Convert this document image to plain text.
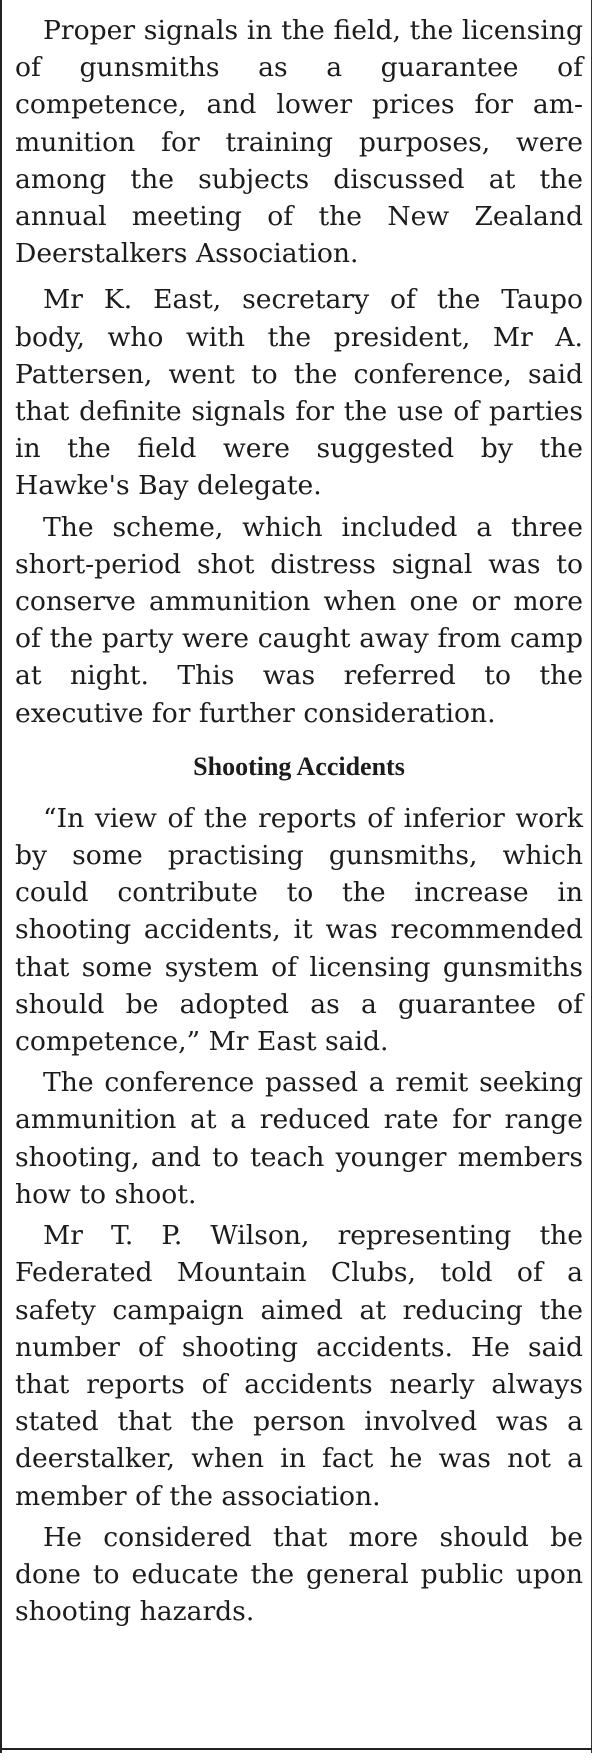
Proper signals in the field, the licensing of gunsmiths as a guarantee of competence, and lower prices for ammunition for training purposes, were among the subjects discussed at the annual meeting of the New Zealand Deerstalkers Association.

Mr K. East, secretary of the Taupo body, who with the president, Mr A. Pattersen, went to the conference, said that definite signals for the use of parties in the field were suggested by the Hawke's Bay delegate.

The scheme, which included a three short-period shot distress signal was to conserve ammunition when one or more of the party were caught away from camp at night. This was referred to the executive for further consideration.

Shooting Accidents

“In view of the reports of inferior work by some practising gunsmiths, which could contribute to the increase in shooting accidents, it was recommended that some system of licensing gunsmiths should be adopted as a guarantee of competence,” Mr East said.

The conference passed a remit seeking ammunition at a reduced rate for range shooting, and to teach younger members how to shoot.

Mr T. P. Wilson, representing the Federated Mountain Clubs, told of a safety campaign aimed at reducing the number of shooting accidents. He said that reports of accidents nearly always stated that the person involved was a deerstalker, when in fact he was not a member of the association.

He considered that more should be done to educate the general public upon shooting hazards.
